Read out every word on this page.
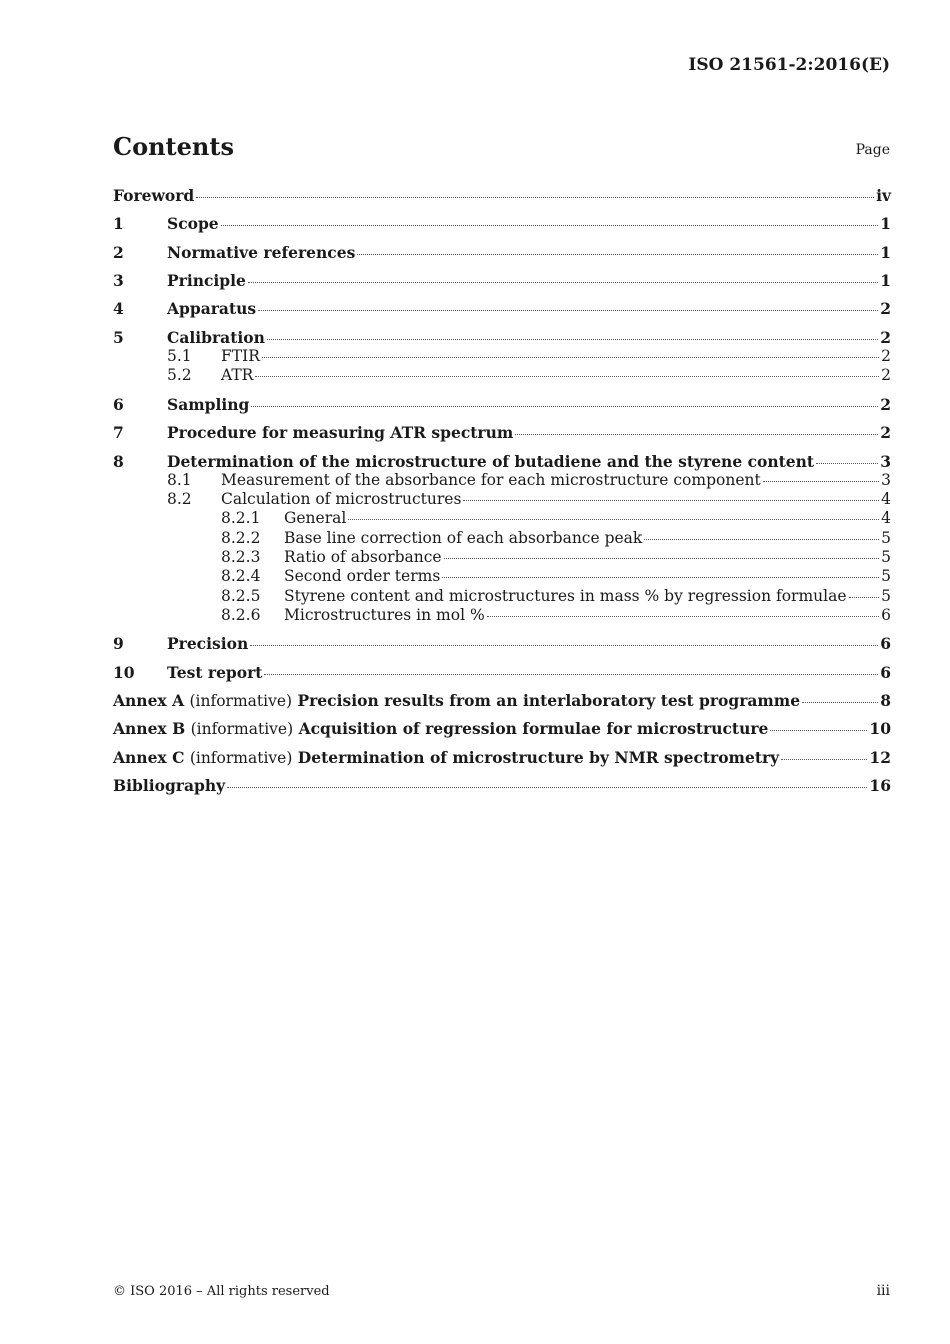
ISO 21561-2:2016(E)
Contents	Page
Foreword	iv
1	Scope	1
2	Normative references	1
3	Principle	1
4	Apparatus	2
5	Calibration	2
5.1	FTIR	2
5.2	ATR	2
6	Sampling	2
7	Procedure for measuring ATR spectrum	2
8	Determination of the microstructure of butadiene and the styrene content	3
8.1	Measurement of the absorbance for each microstructure component	3
8.2	Calculation of microstructures	4
8.2.1	General	4
8.2.2	Base line correction of each absorbance peak	5
8.2.3	Ratio of absorbance	5
8.2.4	Second order terms	5
8.2.5	Styrene content and microstructures in mass % by regression formulae 5
8.2.6	Microstructures in mol %	6
9	Precision	6
10	Test report	6
Annex A (informative) Precision results from an interlaboratory test programme	8
Annex B (informative) Acquisition of regression formulae for microstructure	10
Annex C (informative) Determination of microstructure by NMR spectrometry	12
Bibliography	16
© ISO 2016 – All rights reserved	iii
